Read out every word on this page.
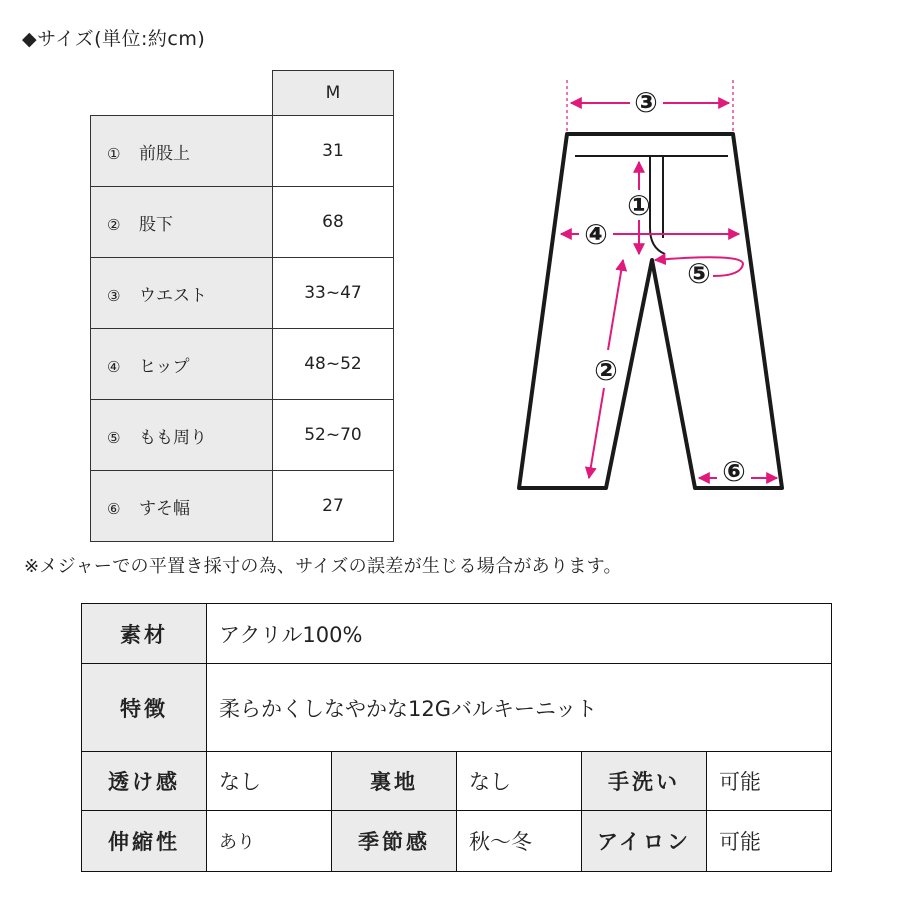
◆サイズ(単位:約cm)
	M
① 前股上	31
② 股下	68
③ ウエスト	33~47
④ ヒップ	48~52
⑤ もも周り	52~70
⑥ すそ幅	27
③
①
④
⑤
②
⑥
※メジャーでの平置き採寸の為、サイズの誤差が生じる場合があります。
素材	アクリル100%				
特徴	柔らかくしなやかな12Gバルキーニット				
透け感	なし	裏地	なし	手洗い	可能
伸縮性	あり	季節感	秋〜冬	アイロン	可能
